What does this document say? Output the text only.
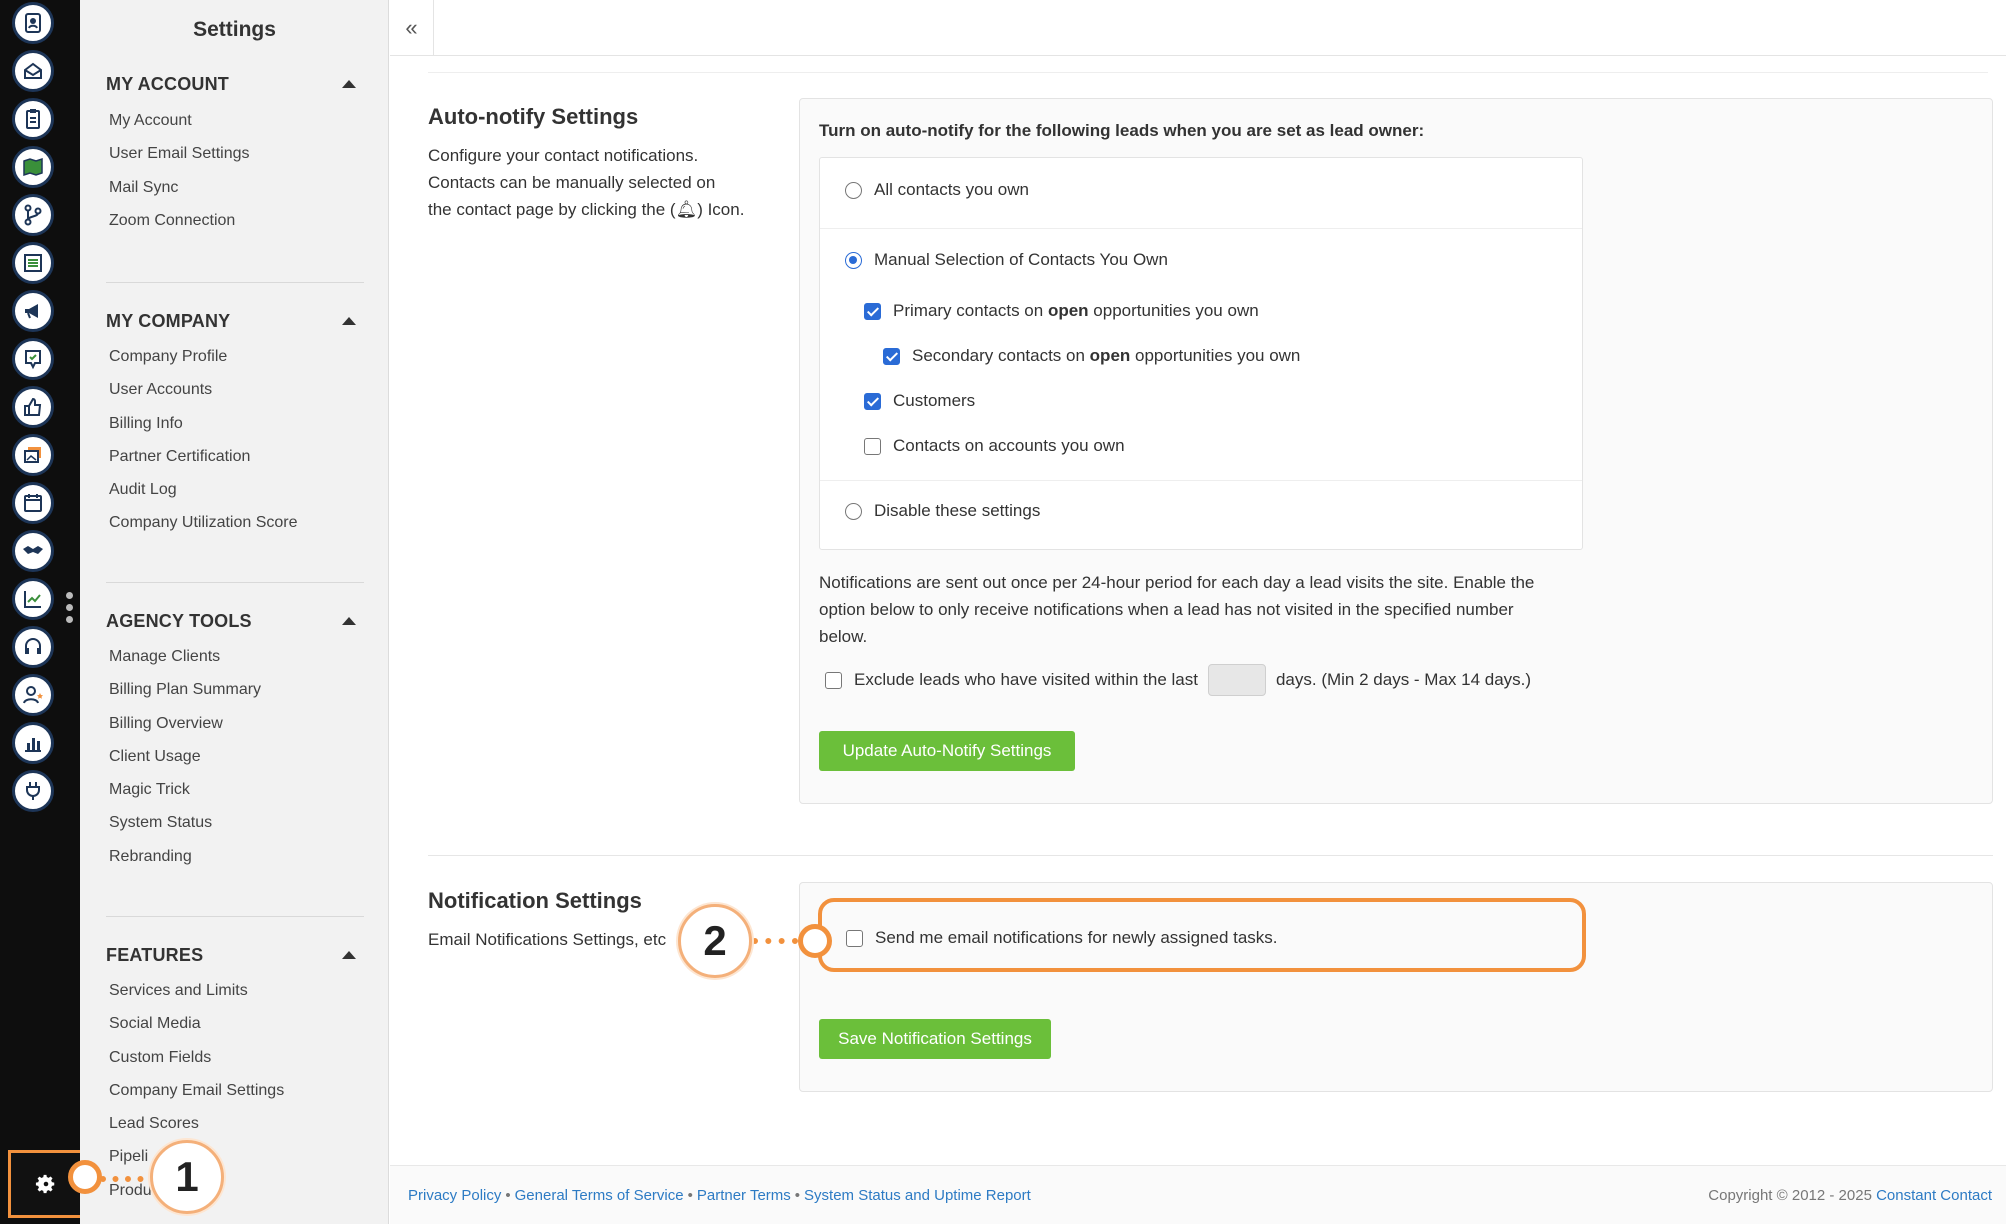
Settings
MY ACCOUNT
My Account
User Email Settings
Mail Sync
Zoom Connection
MY COMPANY
Company Profile
User Accounts
Billing Info
Partner Certification
Audit Log
Company Utilization Score
AGENCY TOOLS
Manage Clients
Billing Plan Summary
Billing Overview
Client Usage
Magic Trick
System Status
Rebranding
FEATURES
Services and Limits
Social Media
Custom Fields
Company Email Settings
Lead Scores
Pipeli
Produ
«
Auto-notify Settings
Configure your contact notifications.
Contacts can be manually selected on
the contact page by clicking the (🔔︎) Icon.
Turn on auto-notify for the following leads when you are set as lead owner:
All contacts you own
Manual Selection of Contacts You Own
Primary contacts on open opportunities you own
Secondary contacts on open opportunities you own
Customers
Contacts on accounts you own
Disable these settings
Notifications are sent out once per 24-hour period for each day a lead visits the site. Enable the
option below to only receive notifications when a lead has not visited in the specified number
below.
Exclude leads who have visited within the last	days. (Min 2 days - Max 14 days.)
Update Auto-Notify Settings
Notification Settings
Email Notifications Settings, etc	Send me email notifications for newly assigned tasks.
Save Notification Settings
2
1	Privacy Policy • General Terms of Service • Partner Terms • System Status and Uptime Report	Copyright © 2012 - 2025 Constant Contact
